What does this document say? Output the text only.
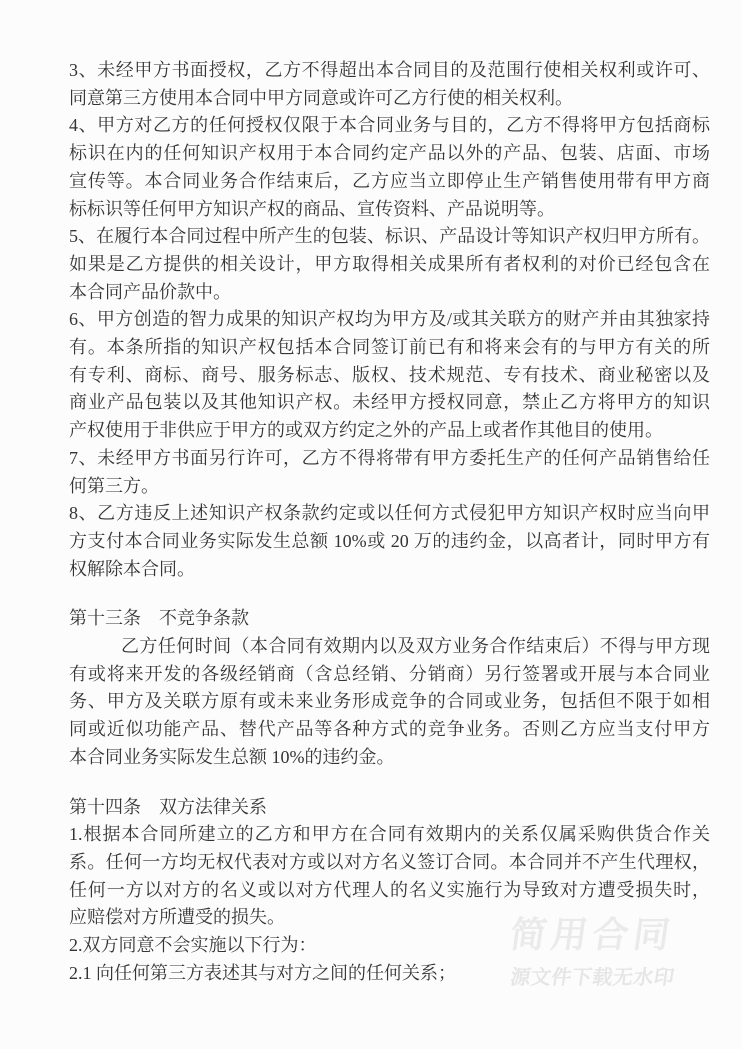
3、未经甲方书面授权，乙方不得超出本合同目的及范围行使相关权利或许可、
同意第三方使用本合同中甲方同意或许可乙方行使的相关权利。
4、甲方对乙方的任何授权仅限于本合同业务与目的，乙方不得将甲方包括商标
标识在内的任何知识产权用于本合同约定产品以外的产品、包装、店面、市场
宣传等。本合同业务合作结束后，乙方应当立即停止生产销售使用带有甲方商
标标识等任何甲方知识产权的商品、宣传资料、产品说明等。
5、在履行本合同过程中所产生的包装、标识、产品设计等知识产权归甲方所有。
如果是乙方提供的相关设计，甲方取得相关成果所有者权利的对价已经包含在
本合同产品价款中。
6、甲方创造的智力成果的知识产权均为甲方及/或其关联方的财产并由其独家持
有。本条所指的知识产权包括本合同签订前已有和将来会有的与甲方有关的所
有专利、商标、商号、服务标志、版权、技术规范、专有技术、商业秘密以及
商业产品包装以及其他知识产权。未经甲方授权同意，禁止乙方将甲方的知识
产权使用于非供应于甲方的或双方约定之外的产品上或者作其他目的使用。
7、未经甲方书面另行许可，乙方不得将带有甲方委托生产的任何产品销售给任
何第三方。
8、乙方违反上述知识产权条款约定或以任何方式侵犯甲方知识产权时应当向甲
方支付本合同业务实际发生总额 10%或 20 万的违约金，以高者计，同时甲方有
权解除本合同。
第十三条　不竞争条款
乙方任何时间（本合同有效期内以及双方业务合作结束后）不得与甲方现
有或将来开发的各级经销商（含总经销、分销商）另行签署或开展与本合同业
务、甲方及关联方原有或未来业务形成竞争的合同或业务，包括但不限于如相
同或近似功能产品、替代产品等各种方式的竞争业务。否则乙方应当支付甲方
本合同业务实际发生总额 10%的违约金。
第十四条　双方法律关系
1.根据本合同所建立的乙方和甲方在合同有效期内的关系仅属采购供货合作关
系。任何一方均无权代表对方或以对方名义签订合同。本合同并不产生代理权，
任何一方以对方的名义或以对方代理人的名义实施行为导致对方遭受损失时，
应赔偿对方所遭受的损失。
2.双方同意不会实施以下行为：
2.1 向任何第三方表述其与对方之间的任何关系；
简用合同
源文件下载无水印
